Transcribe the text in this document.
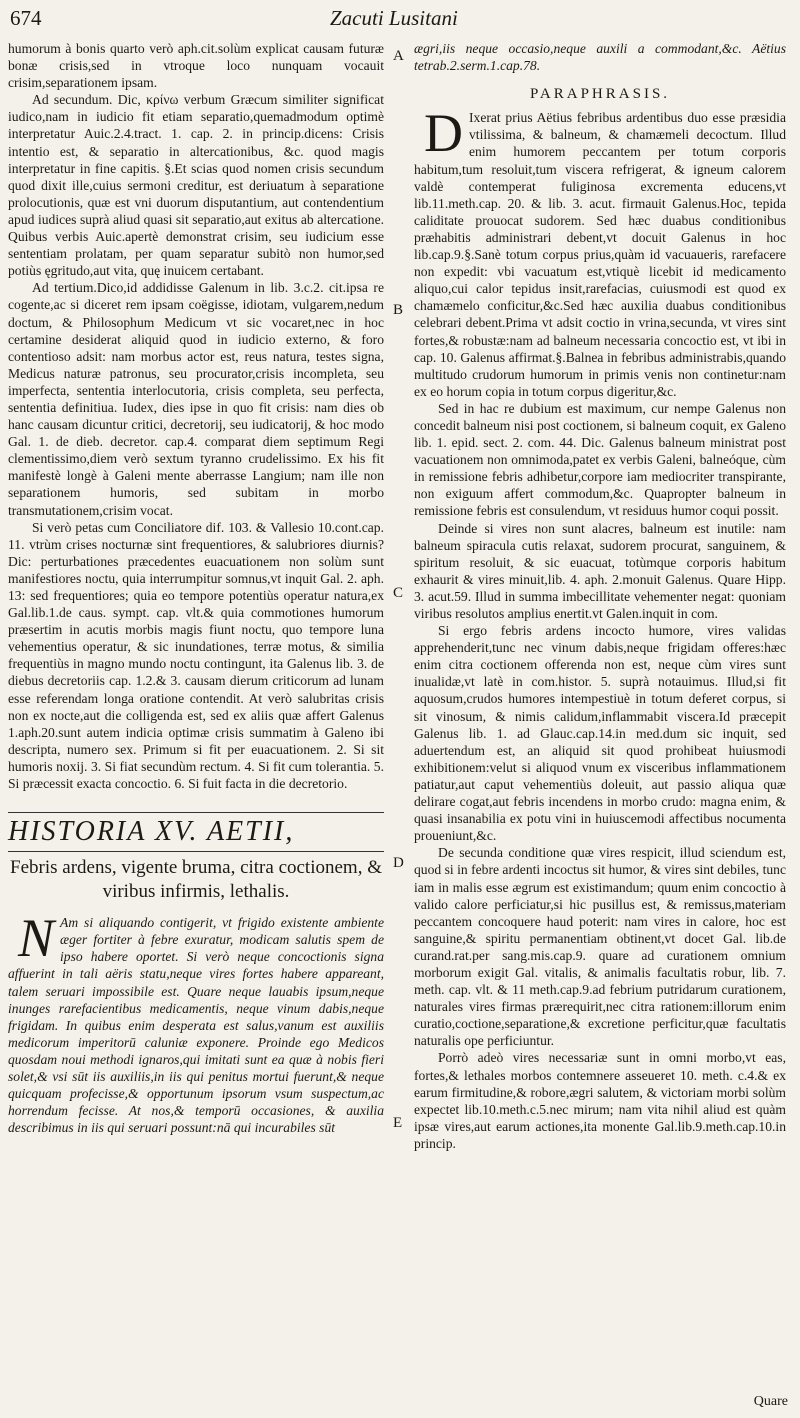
674	Zacuti Lusitani
A
B
C
D
E

humorum à bonis quarto verò aph.cit.solùm explicat causam futuræ bonæ crisis,sed in vtroque loco nunquam vocauit crisim,separationem ipsam.

Ad secundum. Dic, κρίνω verbum Græcum similiter significat iudico,nam in iudicio fit etiam separatio,quemadmodum optimè interpretatur Auic.2.4.tract. 1. cap. 2. in princip.dicens: Crisis intentio est, & separatio in altercationibus, &c. quod magis interpretatur in fine capitis. §.Et scias quod nomen crisis secundum quod dixit ille,cuius sermoni creditur, est deriuatum à separatione prolocutionis, quæ est vni duorum disputantium, aut contendentium apud iudices suprà aliud quasi sit separatio,aut exitus ab altercatione. Quibus verbis Auic.apertè demonstrat crisim, seu iudicium esse sententiam prolatam, per quam separatur subitò non humor,sed potiùs ęgritudo,aut vita, quę inuicem certabant.

Ad tertium.Dico,id addidisse Galenum in lib. 3.c.2. cit.ipsa re cogente,ac si diceret rem ipsam coëgisse, idiotam, vulgarem,nedum doctum, & Philosophum Medicum vt sic vocaret,nec in hoc certamine desiderat aliquid quod in iudicio externo, & foro contentioso adsit: nam morbus actor est, reus natura, testes signa, Medicus naturæ patronus, seu procurator,crisis incompleta, seu imperfecta, sententia interlocutoria, crisis completa, seu perfecta, sententia definitiua. Iudex, dies ipse in quo fit crisis: nam dies ob hanc causam dicuntur critici, decretorij, seu iudicatorij, & hoc modo Gal. 1. de dieb. decretor. cap.4. comparat diem septimum Regi clementissimo,diem verò sextum tyranno crudelissimo. Ex his fit manifestè longè à Galeni mente aberrasse Langium; nam ille non separationem humoris, sed subitam in morbo transmutationem,crisim vocat.

Si verò petas cum Conciliatore dif. 103. & Vallesio 10.cont.cap. 11. vtrùm crises nocturnæ sint frequentiores, & salubriores diurnis? Dic: perturbationes præcedentes euacuationem non solùm sunt manifestiores noctu, quia interrumpitur somnus,vt inquit Gal. 2. aph. 13: sed frequentiores; quia eo tempore potentiùs operatur natura,ex Gal.lib.1.de caus. sympt. cap. vlt.& quia commotiones humorum præsertim in acutis morbis magis fiunt noctu, quo tempore luna vehementius operatur, & sic inundationes, terræ motus, & similia frequentiùs in magno mundo noctu contingunt, ita Galenus lib. 3. de diebus decretoriis cap. 1.2.& 3. causam dierum criticorum ad lunam esse referendam longa oratione contendit. At verò salubritas crisis non ex nocte,aut die colligenda est, sed ex aliis quæ affert Galenus 1.aph.20.sunt autem indicia optimæ crisis summatim à Galeno ibi descripta, numero sex. Primum si fit per euacuationem. 2. Si sit humoris noxij. 3. Si fiat secundùm rectum. 4. Si fit cum tolerantia. 5. Si præcessit exacta concoctio. 6. Si fuit facta in die decretorio.

HISTORIA XV. AETII,
Febris ardens, vigente bruma, citra coctionem, & viribus infirmis, lethalis.

N Am si aliquando contigerit, vt frigido existente ambiente æger fortiter à febre exuratur, modicam salutis spem de ipso habere oportet. Si verò neque concoctionis signa affuerint in tali aëris statu,neque vires fortes habere appareant, talem seruari impossibile est. Quare neque lauabis ipsum,neque inunges rarefacientibus medicamentis, neque vinum dabis,neque frigidam. In quibus enim desperata est salus,vanum est auxiliis medicorum imperitorū caluniæ exponere. Proinde ego Medicos quosdam noui methodi ignaros,qui imitati sunt ea quæ à nobis fieri solet,& vsi sūt iis auxiliis,in iis qui penitus mortui fuerunt,& neque quicquam profecisse,& opportunum ipsorum vsum suspectum,ac horrendum fecisse. At nos,& temporū occasiones, & auxilia describimus in iis qui seruari possunt:nā qui incurabiles sūt

ægri,iis neque occasio,neque auxili a commodant,&c. Aëtius tetrab.2.serm.1.cap.78.

PARAPHRASIS.

D Ixerat prius Aëtius febribus ardentibus duo esse præsidia vtilissima, & balneum, & chamæmeli decoctum. Illud enim humorem peccantem per totum corporis habitum,tum resoluit,tum viscera refrigerat, & igneum calorem valdè contemperat fuliginosa excrementa educens,vt lib.11.meth.cap. 20. & lib. 3. acut. firmauit Galenus.Hoc, tepida caliditate prouocat sudorem. Sed hæc duabus conditionibus præhabitis administrari debent,vt docuit Galenus in hoc lib.cap.9.§.Sanè totum corpus prius,quàm id vacuaueris, rarefacere non expedit: vbi vacuatum est,vtiquè licebit id medicamento aliquo,cui calor tepidus insit,rarefacias, cuiusmodi est quod ex chamæmelo conficitur,&c.Sed hæc auxilia duabus conditionibus celebrari debent.Prima vt adsit coctio in vrina,secunda, vt vires sint fortes,& robustæ:nam ad balneum necessaria concoctio est, vt ibi in cap. 10. Galenus affirmat.§.Balnea in febribus administrabis,quando multitudo crudorum humorum in primis venis non continetur:nam ex eo horum copia in totum corpus digeritur,&c.

Sed in hac re dubium est maximum, cur nempe Galenus non concedit balneum nisi post coctionem, si balneum coquit, ex Galeno lib. 1. epid. sect. 2. com. 44. Dic. Galenus balneum ministrat post vacuationem non omnimoda,patet ex verbis Galeni, balneóque, cùm in remissione febris adhibetur,corpore iam mediocriter transpirante, non exiguum affert commodum,&c. Quapropter balneum in remissione febris est consulendum, vt residuus humor coqui possit.

Deinde si vires non sunt alacres, balneum est inutile: nam balneum spiracula cutis relaxat, sudorem procurat, sanguinem, & spiritum resoluit, & sic euacuat, totùmque corporis habitum exhaurit & vires minuit,lib. 4. aph. 2.monuit Galenus. Quare Hipp. 3. acut.59. Illud in summa imbecillitate vehementer negat: quoniam viribus resolutos amplius enertit.vt Galen.inquit in com.

Si ergo febris ardens incocto humore, vires validas apprehenderit,tunc nec vinum dabis,neque frigidam offeres:hæc enim citra coctionem offerenda non est, neque cùm vires sunt inualidæ,vt latè in com.histor. 5. suprà notauimus. Illud,si fit aquosum,crudos humores intempestiuè in totum deferet corpus, si sit vinosum, & nimis calidum,inflammabit viscera.Id præcepit Galenus lib. 1. ad Glauc.cap.14.in med.dum sic inquit, sed aduertendum est, an aliquid sit quod prohibeat huiusmodi exhibitionem:velut si aliquod vnum ex visceribus inflammationem patiatur,aut caput vehementiùs doleuit, aut passio aliqua quæ delirare cogat,aut febris incendens in morbo crudo: magna enim, & quasi insanabilia ex potu vini in huiuscemodi affectibus nocumenta proueniunt,&c.

De secunda conditione quæ vires respicit, illud sciendum est, quod si in febre ardenti incoctus sit humor, & vires sint debiles, tunc iam in malis esse ægrum est existimandum; quum enim concoctio à valido calore perficiatur,si hic pusillus est, & remissus,materiam peccantem concoquere haud poterit: nam vires in calore, hoc est sanguine,& spiritu permanentiam obtinent,vt docet Gal. lib.de curand.rat.per sang.mis.cap.9. quare ad curationem omnium morborum exigit Gal. vitalis, & animalis facultatis robur, lib. 7. meth. cap. vlt. & 11 meth.cap.9.ad febrium putridarum curationem, naturales vires firmas prærequirit,nec citra rationem:illorum enim curatio,coctione,separatione,& excretione perficitur,quæ facultatis naturalis ope perficiuntur.

Porrò adeò vires necessariæ sunt in omni morbo,vt eas, fortes,& lethales morbos contemnere asseueret 10. meth. c.4.& ex earum firmitudine,& robore,ægri salutem, & victoriam morbi solùm expectet lib.10.meth.c.5.nec mirum; nam vita nihil aliud est quàm ipsæ vires,aut earum actiones,ita monente Gal.lib.9.meth.cap.10.in princip.

Quare
